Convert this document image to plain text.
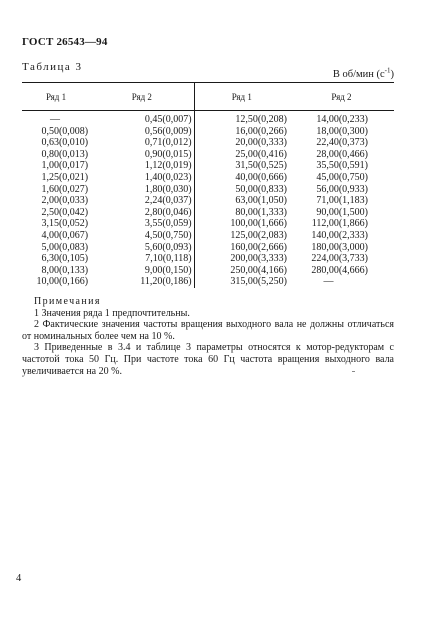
ГОСТ 26543—94
Таблица 3
В об/мин $(с^{-1})$
Ряд 1	Ряд 2	Ряд 1	Ряд 2
—	0,45(0,007)	12,50(0,208)	14,00(0,233)
0,50(0,008)	0,56(0,009)	16,00(0,266)	18,00(0,300)
0,63(0,010)	0,71(0,012)	20,00(0,333)	22,40(0,373)
0,80(0,013)	0,90(0,015)	25,00(0,416)	28,00(0,466)
1,00(0,017)	1,12(0,019)	31,50(0,525)	35,50(0,591)
1,25(0,021)	1,40(0,023)	40,00(0,666)	45,00(0,750)
1,60(0,027)	1,80(0,030)	50,00(0,833)	56,00(0,933)
2,00(0,033)	2,24(0,037)	63,00(1,050)	71,00(1,183)
2,50(0,042)	2,80(0,046)	80,00(1,333)	90,00(1,500)
3,15(0,052)	3,55(0,059)	100,00(1,666)	112,00(1,866)
4,00(0,067)	4,50(0,750)	125,00(2,083)	140,00(2,333)
5,00(0,083)	5,60(0,093)	160,00(2,666)	180,00(3,000)
6,30(0,105)	7,10(0,118)	200,00(3,333)	224,00(3,733)
8,00(0,133)	9,00(0,150)	250,00(4,166)	280,00(4,666)
10,00(0,166)	11,20(0,186)	315,00(5,250)	—
Примечания

1 Значения ряда 1 предпочтительны.

2 Фактические значения частоты вращения выходного вала не должны отличаться от номинальных более чем на 10 %.

3 Приведенные в 3.4 и таблице 3 параметры относятся к мотор-редукторам с частотой тока 50 Гц. При частоте тока 60 Гц частота вращения выходного вала увеличивается на 20 %.

4
